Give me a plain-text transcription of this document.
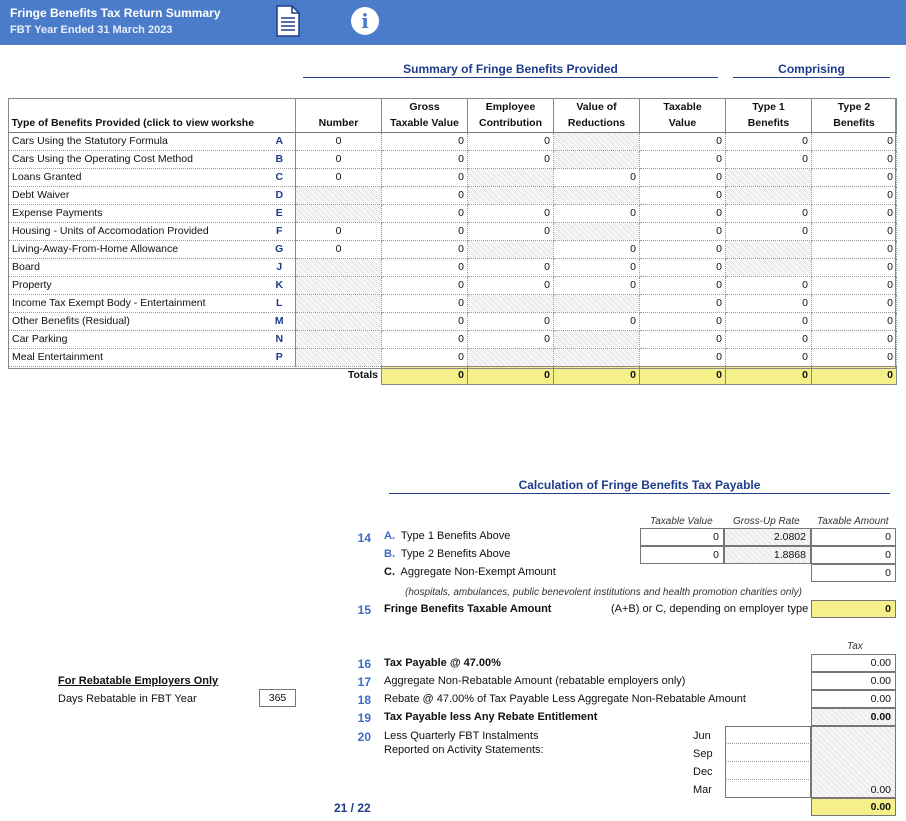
Fringe Benefits Tax Return Summary
FBT Year Ended 31 March 2023	i
Summary of Fringe Benefits Provided	Comprising
			Gross	Employee	Value of	Taxable	Type 1	Type 2
Type of Benefits Provided (click to view workshe		Number	Taxable Value	Contribution	Reductions	Value	Benefits	Benefits
Cars Using the Statutory Formula	A	0	0	0		0	0	0
Cars Using the Operating Cost Method	B	0	0	0		0	0	0
Loans Granted	C	0	0		0	0		0
Debt Waiver	D		0			0		0
Expense Payments	E		0	0	0	0	0	0
Housing - Units of Accomodation Provided	F	0	0	0		0	0	0
Living-Away-From-Home Allowance	G	0	0		0	0		0
Board	J		0	0	0	0		0
Property	K		0	0	0	0	0	0
Income Tax Exempt Body - Entertainment	L		0			0	0	0
Other Benefits (Residual)	M		0	0	0	0	0	0
Car Parking	N		0	0		0	0	0
Meal Entertainment	P		0			0	0	0
Totals			0	0	0	0	0	0
Calculation of Fringe Benefits Tax Payable
Taxable Value Gross-Up Rate Taxable Amount
14 A. Type 1 Benefits Above	0	2.0802	0
B. Type 2 Benefits Above	0	1.8868	0
C. Aggregate Non-Exempt Amount	0
(hospitals, ambulances, public benevolent institutions and health promotion charities only)
15 Fringe Benefits Taxable Amount	(A+B) or C, depending on employer type	0
Tax
16 Tax Payable @ 47.00%	0.00
17 Aggregate Non-Rebatable Amount (rebatable employers only)	0.00
18 Rebate @ 47.00% of Tax Payable Less Aggregate Non-Rebatable Amount	0.00
19 Tax Payable less Any Rebate Entitlement	0.00
20 Less Quarterly FBT Instalments
Reported on Activity Statements:
Jun
Sep
Dec
Mar	0.00
0.00
For Rebatable Employers Only
Days Rebatable in FBT Year	365
21 / 22
